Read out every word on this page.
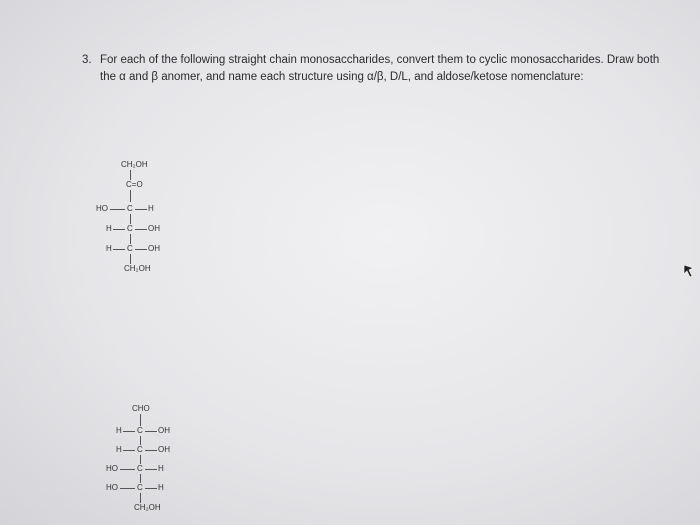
3. For each of the following straight chain monosaccharides, convert them to cyclic monosaccharides. Draw both the α and β anomer, and name each structure using α/β, D/L, and aldose/ketose nomenclature:
CH₂OH
C=O
HO C H
H C OH
H C OH
CH₂OH
CHO
H C OH
H C OH
HO C H
HO C H
CH₂OH
